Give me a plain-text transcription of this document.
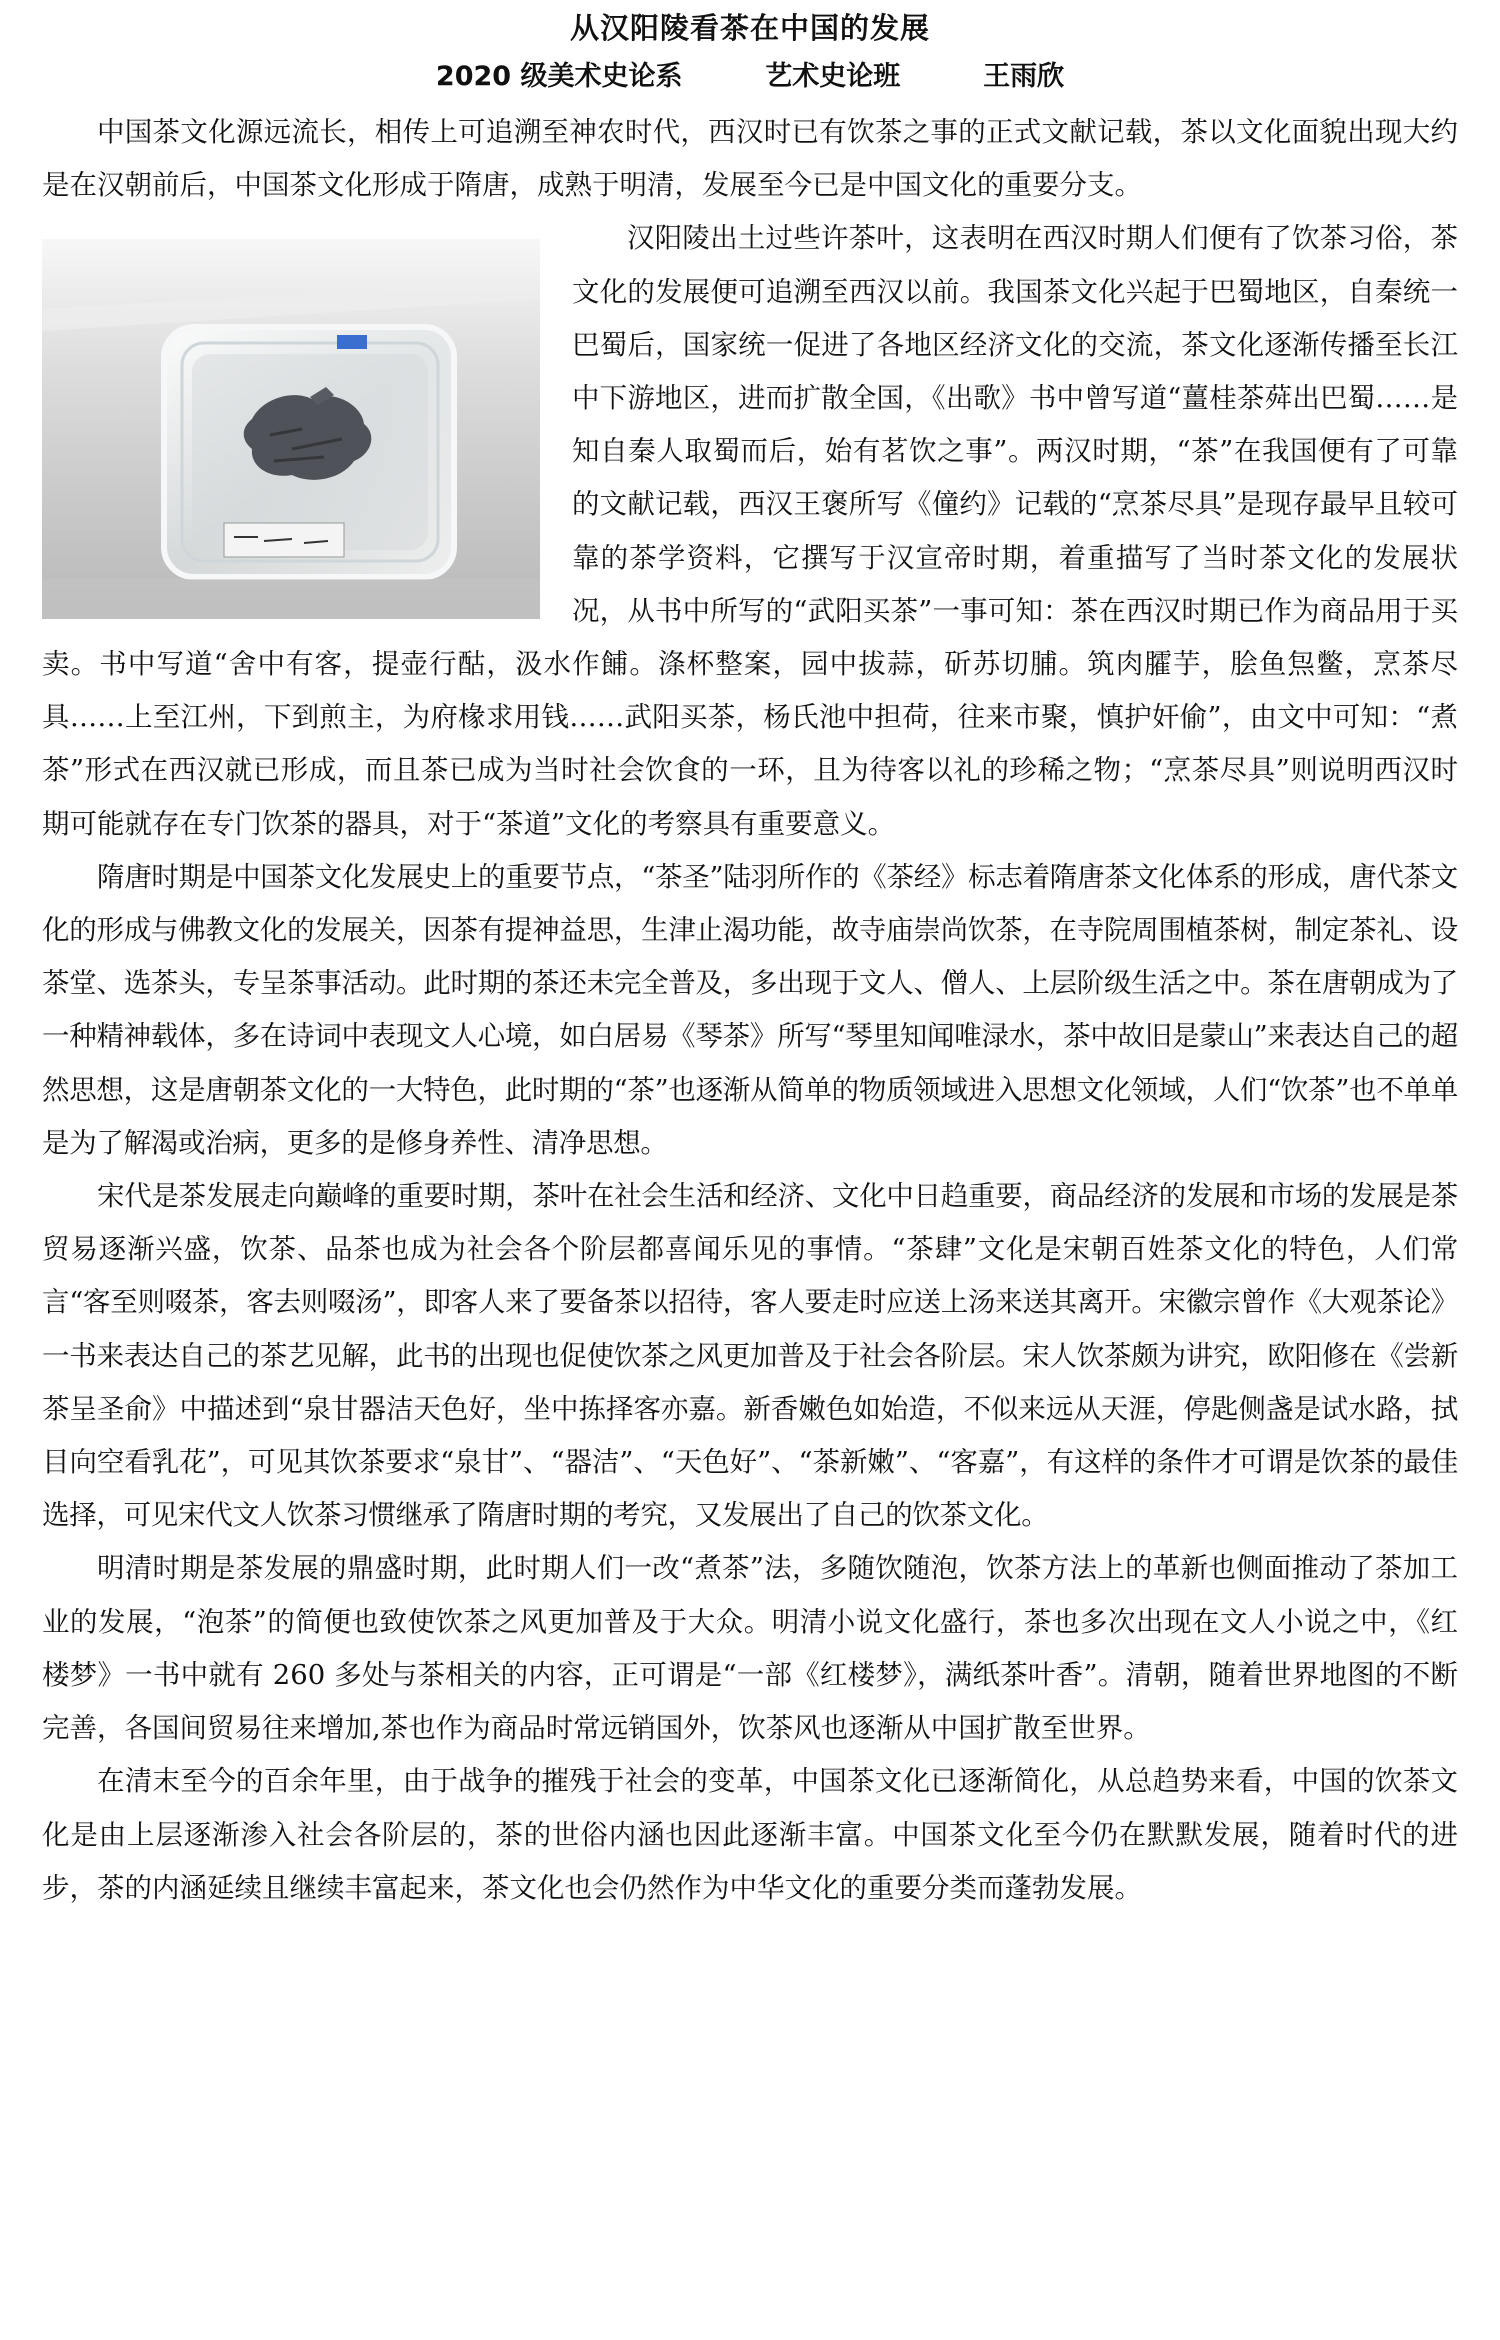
从汉阳陵看茶在中国的发展
2020 级美术史论系	艺术史论班	王雨欣

中国茶文化源远流长，相传上可追溯至神农时代，西汉时已有饮茶之事的正式文献记载，茶以文化面貌出现大约是在汉朝前后，中国茶文化形成于隋唐，成熟于明清，发展至今已是中国文化的重要分支。

汉阳陵出土过些许茶叶，这表明在西汉时期人们便有了饮茶习俗，茶文化的发展便可追溯至西汉以前。我国茶文化兴起于巴蜀地区，自秦统一巴蜀后，国家统一促进了各地区经济文化的交流，茶文化逐渐传播至长江中下游地区，进而扩散全国，《出歌》书中曾写道“薑桂茶荈出巴蜀……是知自秦人取蜀而后，始有茗饮之事”。两汉时期，“茶”在我国便有了可靠的文献记载，西汉王褒所写《僮约》记载的“烹茶尽具”是现存最早且较可靠的茶学资料，它撰写于汉宣帝时期，着重描写了当时茶文化的发展状况，从书中所写的“武阳买茶”一事可知：茶在西汉时期已作为商品用于买卖。书中写道“舍中有客，提壶行酤，汲水作餔。涤杯整案，园中拔蒜，斫苏切脯。筑肉臛芋，脍鱼炰鳖，烹茶尽具……上至江州，下到煎主，为府椽求用钱……武阳买茶，杨氏池中担荷，往来市聚，慎护奸偷”，由文中可知：“煮茶”形式在西汉就已形成，而且茶已成为当时社会饮食的一环，且为待客以礼的珍稀之物；“烹茶尽具”则说明西汉时期可能就存在专门饮茶的器具，对于“茶道”文化的考察具有重要意义。

隋唐时期是中国茶文化发展史上的重要节点，“茶圣”陆羽所作的《茶经》标志着隋唐茶文化体系的形成，唐代茶文化的形成与佛教文化的发展关，因茶有提神益思，生津止渴功能，故寺庙崇尚饮茶，在寺院周围植茶树，制定茶礼、设茶堂、选茶头，专呈茶事活动。此时期的茶还未完全普及，多出现于文人、僧人、上层阶级生活之中。茶在唐朝成为了一种精神载体，多在诗词中表现文人心境，如白居易《琴茶》所写“琴里知闻唯渌水，茶中故旧是蒙山”来表达自己的超然思想，这是唐朝茶文化的一大特色，此时期的“茶”也逐渐从简单的物质领域进入思想文化领域，人们“饮茶”也不单单是为了解渴或治病，更多的是修身养性、清净思想。

宋代是茶发展走向巅峰的重要时期，茶叶在社会生活和经济、文化中日趋重要，商品经济的发展和市场的发展是茶贸易逐渐兴盛，饮茶、品茶也成为社会各个阶层都喜闻乐见的事情。“茶肆”文化是宋朝百姓茶文化的特色，人们常言“客至则啜茶，客去则啜汤”，即客人来了要备茶以招待，客人要走时应送上汤来送其离开。宋徽宗曾作《大观茶论》一书来表达自己的茶艺见解，此书的出现也促使饮茶之风更加普及于社会各阶层。宋人饮茶颇为讲究，欧阳修在《尝新茶呈圣俞》中描述到“泉甘器洁天色好，坐中拣择客亦嘉。新香嫩色如始造，不似来远从天涯，停匙侧盏是试水路，拭目向空看乳花”，可见其饮茶要求“泉甘”、“器洁”、“天色好”、“茶新嫩”、“客嘉”，有这样的条件才可谓是饮茶的最佳选择，可见宋代文人饮茶习惯继承了隋唐时期的考究，又发展出了自己的饮茶文化。

明清时期是茶发展的鼎盛时期，此时期人们一改“煮茶”法，多随饮随泡，饮茶方法上的革新也侧面推动了茶加工业的发展，“泡茶”的简便也致使饮茶之风更加普及于大众。明清小说文化盛行，茶也多次出现在文人小说之中，《红楼梦》一书中就有 260 多处与茶相关的内容，正可谓是“一部《红楼梦》，满纸茶叶香”。清朝，随着世界地图的不断完善，各国间贸易往来增加,茶也作为商品时常远销国外，饮茶风也逐渐从中国扩散至世界。

在清末至今的百余年里，由于战争的摧残于社会的变革，中国茶文化已逐渐简化，从总趋势来看，中国的饮茶文化是由上层逐渐渗入社会各阶层的，茶的世俗内涵也因此逐渐丰富。中国茶文化至今仍在默默发展，随着时代的进步，茶的内涵延续且继续丰富起来，茶文化也会仍然作为中华文化的重要分类而蓬勃发展。
